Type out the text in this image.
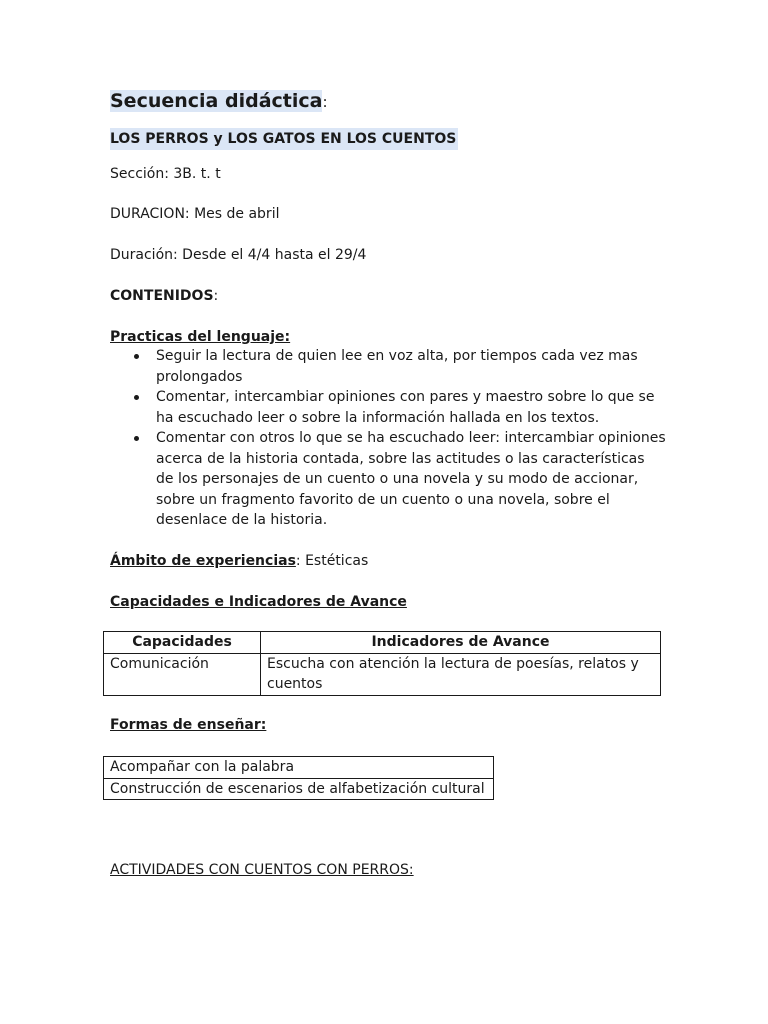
Secuencia didáctica:
LOS PERROS y LOS GATOS EN LOS CUENTOS
Sección: 3B. t. t
DURACION: Mes de abril
Duración: Desde el 4/4 hasta el 29/4
CONTENIDOS:
Practicas del lenguaje:
Seguir la lectura de quien lee en voz alta, por tiempos cada vez mas prolongados
Comentar, intercambiar opiniones con pares y maestro sobre lo que se ha escuchado leer o sobre la información hallada en los textos.
Comentar con otros lo que se ha escuchado leer: intercambiar opiniones acerca de la historia contada, sobre las actitudes o las características de los personajes de un cuento o una novela y su modo de accionar, sobre un fragmento favorito de un cuento o una novela, sobre el desenlace de la historia.
Ámbito de experiencias: Estéticas
Capacidades e Indicadores de Avance
Capacidades	Indicadores de Avance
Comunicación	Escucha con atención la lectura de poesías, relatos y cuentos
Formas de enseñar:
Acompañar con la palabra
Construcción de escenarios de alfabetización cultural
ACTIVIDADES CON CUENTOS CON PERROS:
